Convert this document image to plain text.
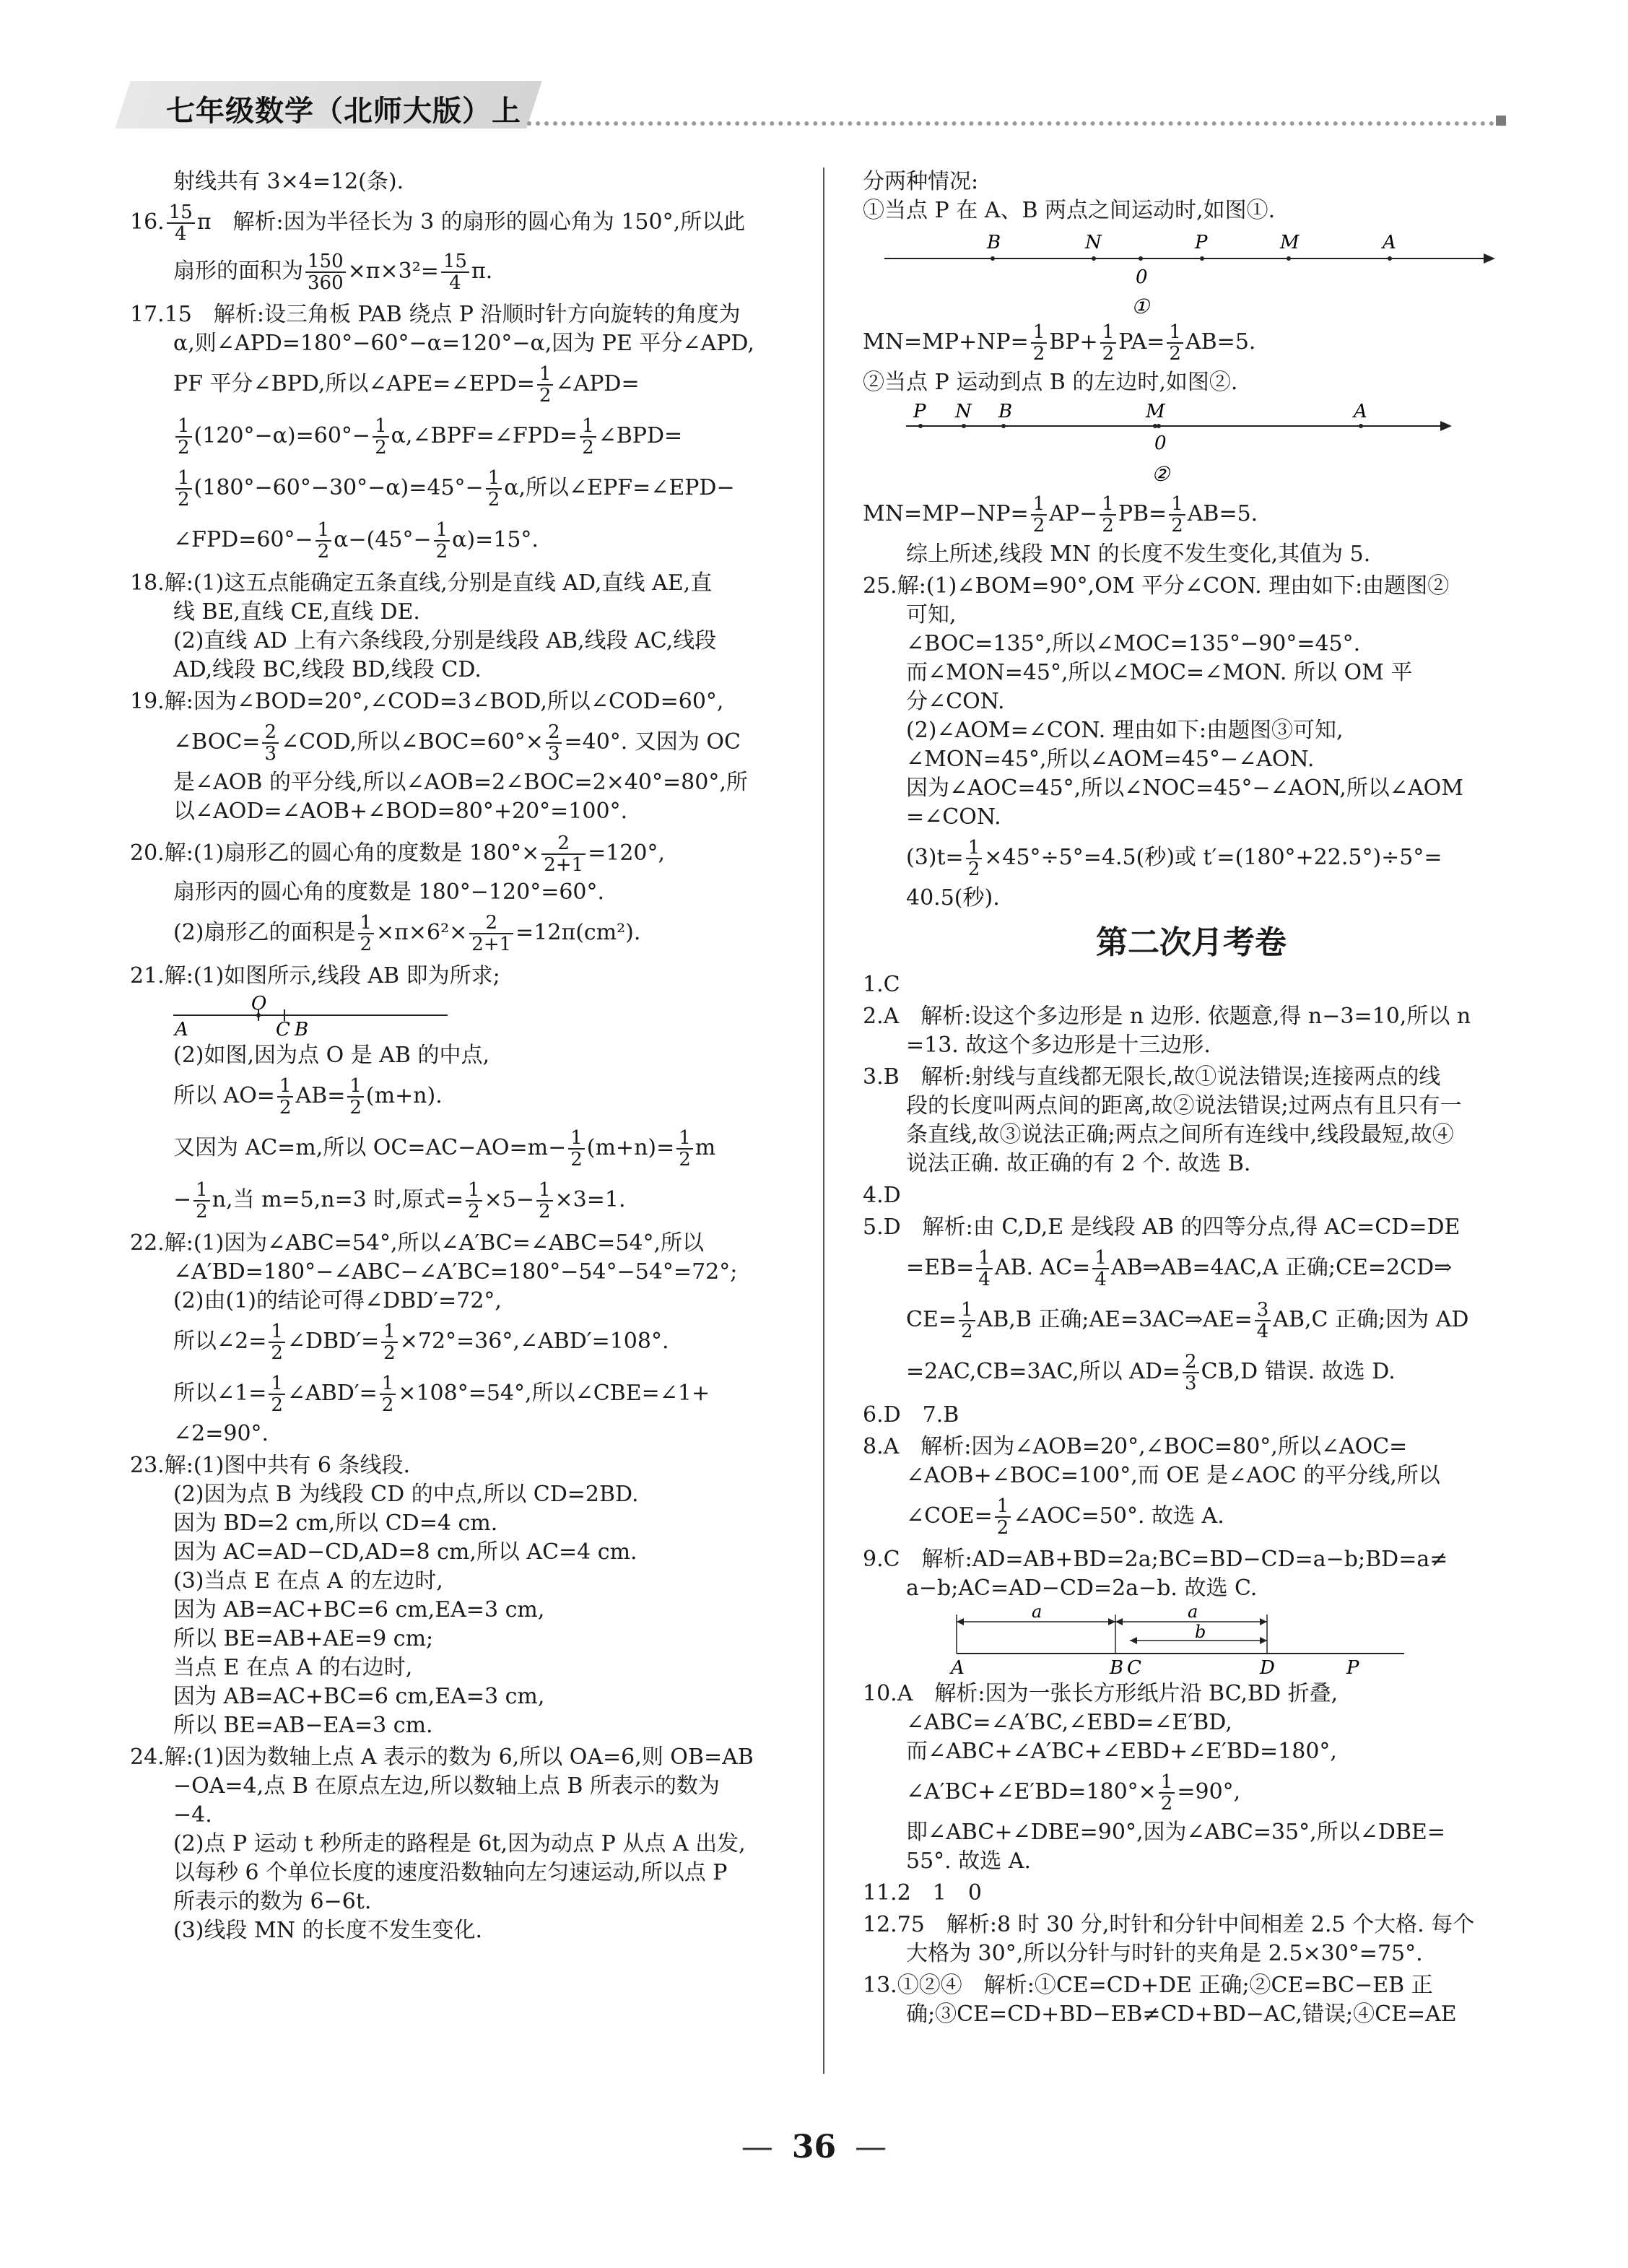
七年级数学（北师大版）上
射线共有 3×4=12(条).
16. $\frac{15}{4}$ π　解析:因为半径长为 3 的扇形的圆心角为 150°,所以此
扇形的面积为 $\frac{150}{360} \times\pi\times 3^2= \frac{15}{4} \pi$.
17.15　解析:设三角板 PAB 绕点 P 沿顺时针方向旋转的角度为
α,则∠APD=180°−60°−α=120°−α,因为 PE 平分∠APD,
PF 平分∠BPD,所以∠APE=∠EPD= $\frac{1}{2}$ ∠APD=
$\frac{1}{2} (120^\circ-\alpha)=60^\circ- \frac{1}{2}$ α,∠BPF=∠FPD= $\frac{1}{2}$ ∠BPD=
$\frac{1}{2} (180^\circ-60^\circ-30^\circ-\alpha)=45^\circ- \frac{1}{2} \alpha$,所以∠EPF=∠EPD−
∠FPD=60°− $\frac{1}{2} \alpha-(45^\circ- \frac{1}{2} \alpha)=15^\circ$.
18.解:(1)这五点能确定五条直线,分别是直线 AD,直线 AE,直
线 BE,直线 CE,直线 DE.
(2)直线 AD 上有六条线段,分别是线段 AB,线段 AC,线段
AD,线段 BC,线段 BD,线段 CD.
19.解:因为∠BOD=20°,∠COD=3∠BOD,所以∠COD=60°,
∠BOC= $\frac{2}{3}$ ∠COD,所以∠BOC=60°× $\frac{2}{3} =40^\circ$. 又因为 OC
是∠AOB 的平分线,所以∠AOB=2∠BOC=2×40°=80°,所
以∠AOD=∠AOB+∠BOD=80°+20°=100°.
20.解:(1)扇形乙的圆心角的度数是 $180^\circ\times \frac{2}{2+1} =120^\circ$,
扇形丙的圆心角的度数是 180°−120°=60°.
(2)扇形乙的面积是 $\frac{1}{2} \times\pi\times 6^2\times \frac{2}{2+1} =12\pi(cm^2)$.
21.解:(1)如图所示,线段 AB 即为所求;
A
O
C B
(2)如图,因为点 O 是 AB 的中点,
所以 $AO= \frac{1}{2} AB= \frac{1}{2} (m+n)$.
又因为 AC=m,所以 $OC=AC-AO=m- \frac{1}{2} (m+n)= \frac{1}{2}$ m
− $\frac{1}{2} n$,当 m=5,n=3 时,原式= $\frac{1}{2} \times 5- \frac{1}{2} \times 3=1$.
22.解:(1)因为∠ABC=54°,所以∠A′BC=∠ABC=54°,所以
∠A′BD=180°−∠ABC−∠A′BC=180°−54°−54°=72°;
(2)由(1)的结论可得∠DBD′=72°,
所以∠2= $\frac{1}{2}$ ∠DBD′= $\frac{1}{2}$ ×72°=36°,∠ABD′=108°.
所以∠1= $\frac{1}{2}$ ∠ABD′= $\frac{1}{2} \times 108^\circ=54^\circ$,所以∠CBE=∠1+
∠2=90°.
23.解:(1)图中共有 6 条线段.
(2)因为点 B 为线段 CD 的中点,所以 CD=2BD.
因为 BD=2 cm,所以 CD=4 cm.
因为 AC=AD−CD,AD=8 cm,所以 AC=4 cm.
(3)当点 E 在点 A 的左边时,
因为 AB=AC+BC=6 cm,EA=3 cm,
所以 BE=AB+AE=9 cm;
当点 E 在点 A 的右边时,
因为 AB=AC+BC=6 cm,EA=3 cm,
所以 BE=AB−EA=3 cm.
24.解:(1)因为数轴上点 A 表示的数为 6,所以 OA=6,则 OB=AB
−OA=4,点 B 在原点左边,所以数轴上点 B 所表示的数为
−4.
(2)点 P 运动 t 秒所走的路程是 6t,因为动点 P 从点 A 出发,
以每秒 6 个单位长度的速度沿数轴向左匀速运动,所以点 P
所表示的数为 6−6t.
(3)线段 MN 的长度不发生变化.
分两种情况:
①当点 P 在 A、B 两点之间运动时,如图①.
B	N	P	M	A
0
①
$MN=MP+NP= \frac{1}{2} BP+ \frac{1}{2} PA= \frac{1}{2} AB=5$.
②当点 P 运动到点 B 的左边时,如图②.
P N B	M	A
0
②
$MN=MP-NP= \frac{1}{2} AP- \frac{1}{2} PB= \frac{1}{2} AB=5$.
综上所述,线段 MN 的长度不发生变化,其值为 5.
25.解:(1)∠BOM=90°,OM 平分∠CON. 理由如下:由题图②
可知,
∠BOC=135°,所以∠MOC=135°−90°=45°.
而∠MON=45°,所以∠MOC=∠MON. 所以 OM 平
分∠CON.
(2)∠AOM=∠CON. 理由如下:由题图③可知,
∠MON=45°,所以∠AOM=45°−∠AON.
因为∠AOC=45°,所以∠NOC=45°−∠AON,所以∠AOM
=∠CON.
$(3)t= \frac{1}{2} \times 45^\circ\div 5^\circ=4.5$(秒)或 t′=(180°+22.5°)÷5°=
40.5(秒).
第二次月考卷
1.C
2.A　解析:设这个多边形是 n 边形. 依题意,得 n−3=10,所以 n
=13. 故这个多边形是十三边形.
3.B　解析:射线与直线都无限长,故①说法错误;连接两点的线
段的长度叫两点间的距离,故②说法错误;过两点有且只有一
条直线,故③说法正确;两点之间所有连线中,线段最短,故④
说法正确. 故正确的有 2 个. 故选 B.
4.D
5.D　解析:由 C,D,E 是线段 AB 的四等分点,得 AC=CD=DE
$=EB= \frac{1}{4}$ AB. $AC= \frac{1}{4}$ AB⇒AB=4AC,A 正确;CE=2CD⇒
$CE= \frac{1}{2} AB,B$ 正确;AE=3AC⇒AE= $\frac{3}{4} AB,C$ 正确;因为 AD
=2AC,CB=3AC,所以 $AD= \frac{2}{3} CB,D$ 错误. 故选 D.
6.D　7.B
8.A　解析:因为∠AOB=20°,∠BOC=80°,所以∠AOC=
∠AOB+∠BOC=100°,而 OE 是∠AOC 的平分线,所以
∠COE= $\frac{1}{2}$ ∠AOC=50°. 故选 A.
9.C　解析:AD=AB+BD=2a;BC=BD−CD=a−b;BD=a≠
a−b;AC=AD−CD=2a−b. 故选 C.
a	a
b
A	B C	D	P
10.A　解析:因为一张长方形纸片沿 BC,BD 折叠,
∠ABC=∠A′BC,∠EBD=∠E′BD,
而∠ABC+∠A′BC+∠EBD+∠E′BD=180°,
∠A′BC+∠E′BD=180°× $\frac{1}{2} =90^\circ$,
即∠ABC+∠DBE=90°,因为∠ABC=35°,所以∠DBE=
55°. 故选 A.
11.2　1　0
12.75　解析:8 时 30 分,时针和分针中间相差 2.5 个大格. 每个
大格为 30°,所以分针与时针的夹角是 2.5×30°=75°.
13.①②④　解析:①CE=CD+DE 正确;②CE=BC−EB 正
确;③CE=CD+BD−EB≠CD+BD−AC,错误;④CE=AE
— 36 —
